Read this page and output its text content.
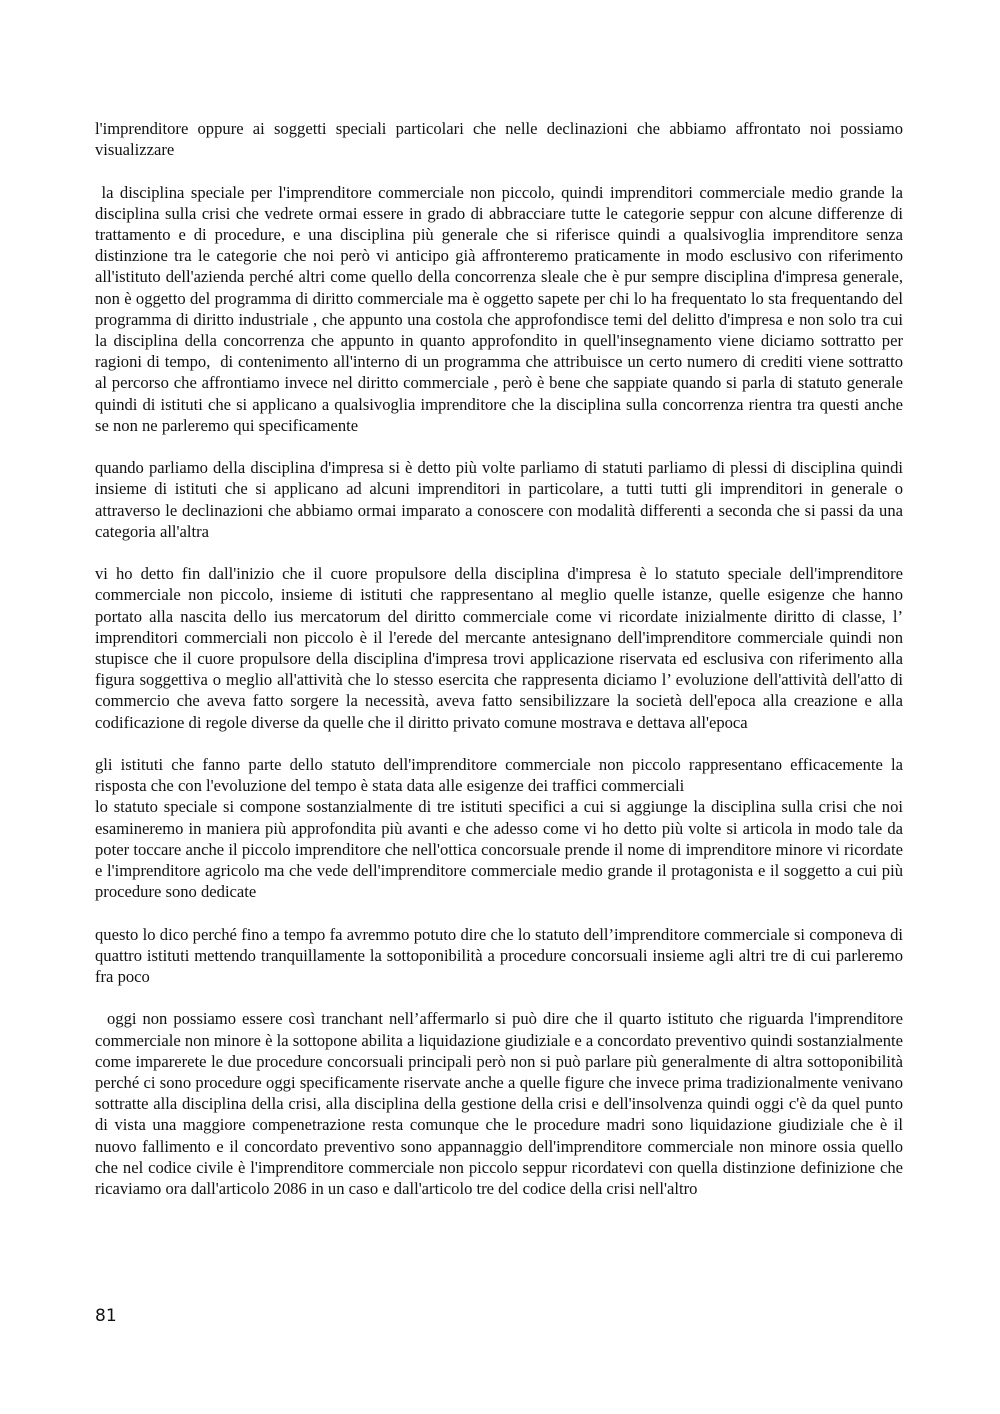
l'imprenditore oppure ai soggetti speciali particolari che nelle declinazioni che abbiamo affrontato noi possiamo visualizzare

la disciplina speciale per l'imprenditore commerciale non piccolo, quindi imprenditori commerciale medio grande la disciplina sulla crisi che vedrete ormai essere in grado di abbracciare tutte le categorie seppur con alcune differenze di trattamento e di procedure, e una disciplina più generale che si riferisce quindi a qualsivoglia imprenditore senza distinzione tra le categorie che noi però vi anticipo già affronteremo praticamente in modo esclusivo con riferimento all'istituto dell'azienda perché altri come quello della concorrenza sleale che è pur sempre disciplina d'impresa generale, non è oggetto del programma di diritto commerciale ma è oggetto sapete per chi lo ha frequentato lo sta frequentando del programma di diritto industriale , che appunto una costola che approfondisce temi del delitto d'impresa e non solo tra cui la disciplina della concorrenza che appunto in quanto approfondito in quell'insegnamento viene diciamo sottratto per ragioni di tempo,  di contenimento all'interno di un programma che attribuisce un certo numero di crediti viene sottratto al percorso che affrontiamo invece nel diritto commerciale , però è bene che sappiate quando si parla di statuto generale quindi di istituti che si applicano a qualsivoglia imprenditore che la disciplina sulla concorrenza rientra tra questi anche se non ne parleremo qui specificamente

quando parliamo della disciplina d'impresa si è detto più volte parliamo di statuti parliamo di plessi di disciplina quindi insieme di istituti che si applicano ad alcuni imprenditori in particolare, a tutti tutti gli imprenditori in generale o attraverso le declinazioni che abbiamo ormai imparato a conoscere con modalità differenti a seconda che si passi da una categoria all'altra

vi ho detto fin dall'inizio che il cuore propulsore della disciplina d'impresa è lo statuto speciale dell'imprenditore commerciale non piccolo, insieme di istituti che rappresentano al meglio quelle istanze, quelle esigenze che hanno portato alla nascita dello ius mercatorum del diritto commerciale come vi ricordate inizialmente diritto di classe, l’ imprenditori commerciali non piccolo è il l'erede del mercante antesignano dell'imprenditore commerciale quindi non stupisce che il cuore propulsore della disciplina d'impresa trovi applicazione riservata ed esclusiva con riferimento alla figura soggettiva o meglio all'attività che lo stesso esercita che rappresenta diciamo l’ evoluzione dell'attività dell'atto di commercio che aveva fatto sorgere la necessità, aveva fatto sensibilizzare la società dell'epoca alla creazione e alla codificazione di regole diverse da quelle che il diritto privato comune mostrava e dettava all'epoca

gli istituti che fanno parte dello statuto dell'imprenditore commerciale non piccolo rappresentano efficacemente la risposta che con l'evoluzione del tempo è stata data alle esigenze dei traffici commerciali

lo statuto speciale si compone sostanzialmente di tre istituti specifici a cui si aggiunge la disciplina sulla crisi che noi esamineremo in maniera più approfondita più avanti e che adesso come vi ho detto più volte si articola in modo tale da poter toccare anche il piccolo imprenditore che nell'ottica concorsuale prende il nome di imprenditore minore vi ricordate e l'imprenditore agricolo ma che vede dell'imprenditore commerciale medio grande il protagonista e il soggetto a cui più procedure sono dedicate

questo lo dico perché fino a tempo fa avremmo potuto dire che lo statuto dell’imprenditore commerciale si componeva di quattro istituti mettendo tranquillamente la sottoponibilità a procedure concorsuali insieme agli altri tre di cui parleremo fra poco

oggi non possiamo essere così tranchant nell’affermarlo si può dire che il quarto istituto che riguarda l'imprenditore commerciale non minore è la sottopone abilita a liquidazione giudiziale e a concordato preventivo quindi sostanzialmente come imparerete le due procedure concorsuali principali però non si può parlare più generalmente di altra sottoponibilità perché ci sono procedure oggi specificamente riservate anche a quelle figure che invece prima tradizionalmente venivano sottratte alla disciplina della crisi, alla disciplina della gestione della crisi e dell'insolvenza quindi oggi c'è da quel punto di vista una maggiore compenetrazione resta comunque che le procedure madri sono liquidazione giudiziale che è il nuovo fallimento e il concordato preventivo sono appannaggio dell'imprenditore commerciale non minore ossia quello che nel codice civile è l'imprenditore commerciale non piccolo seppur ricordatevi con quella distinzione definizione che ricaviamo ora dall'articolo 2086 in un caso e dall'articolo tre del codice della crisi nell'altro

81
